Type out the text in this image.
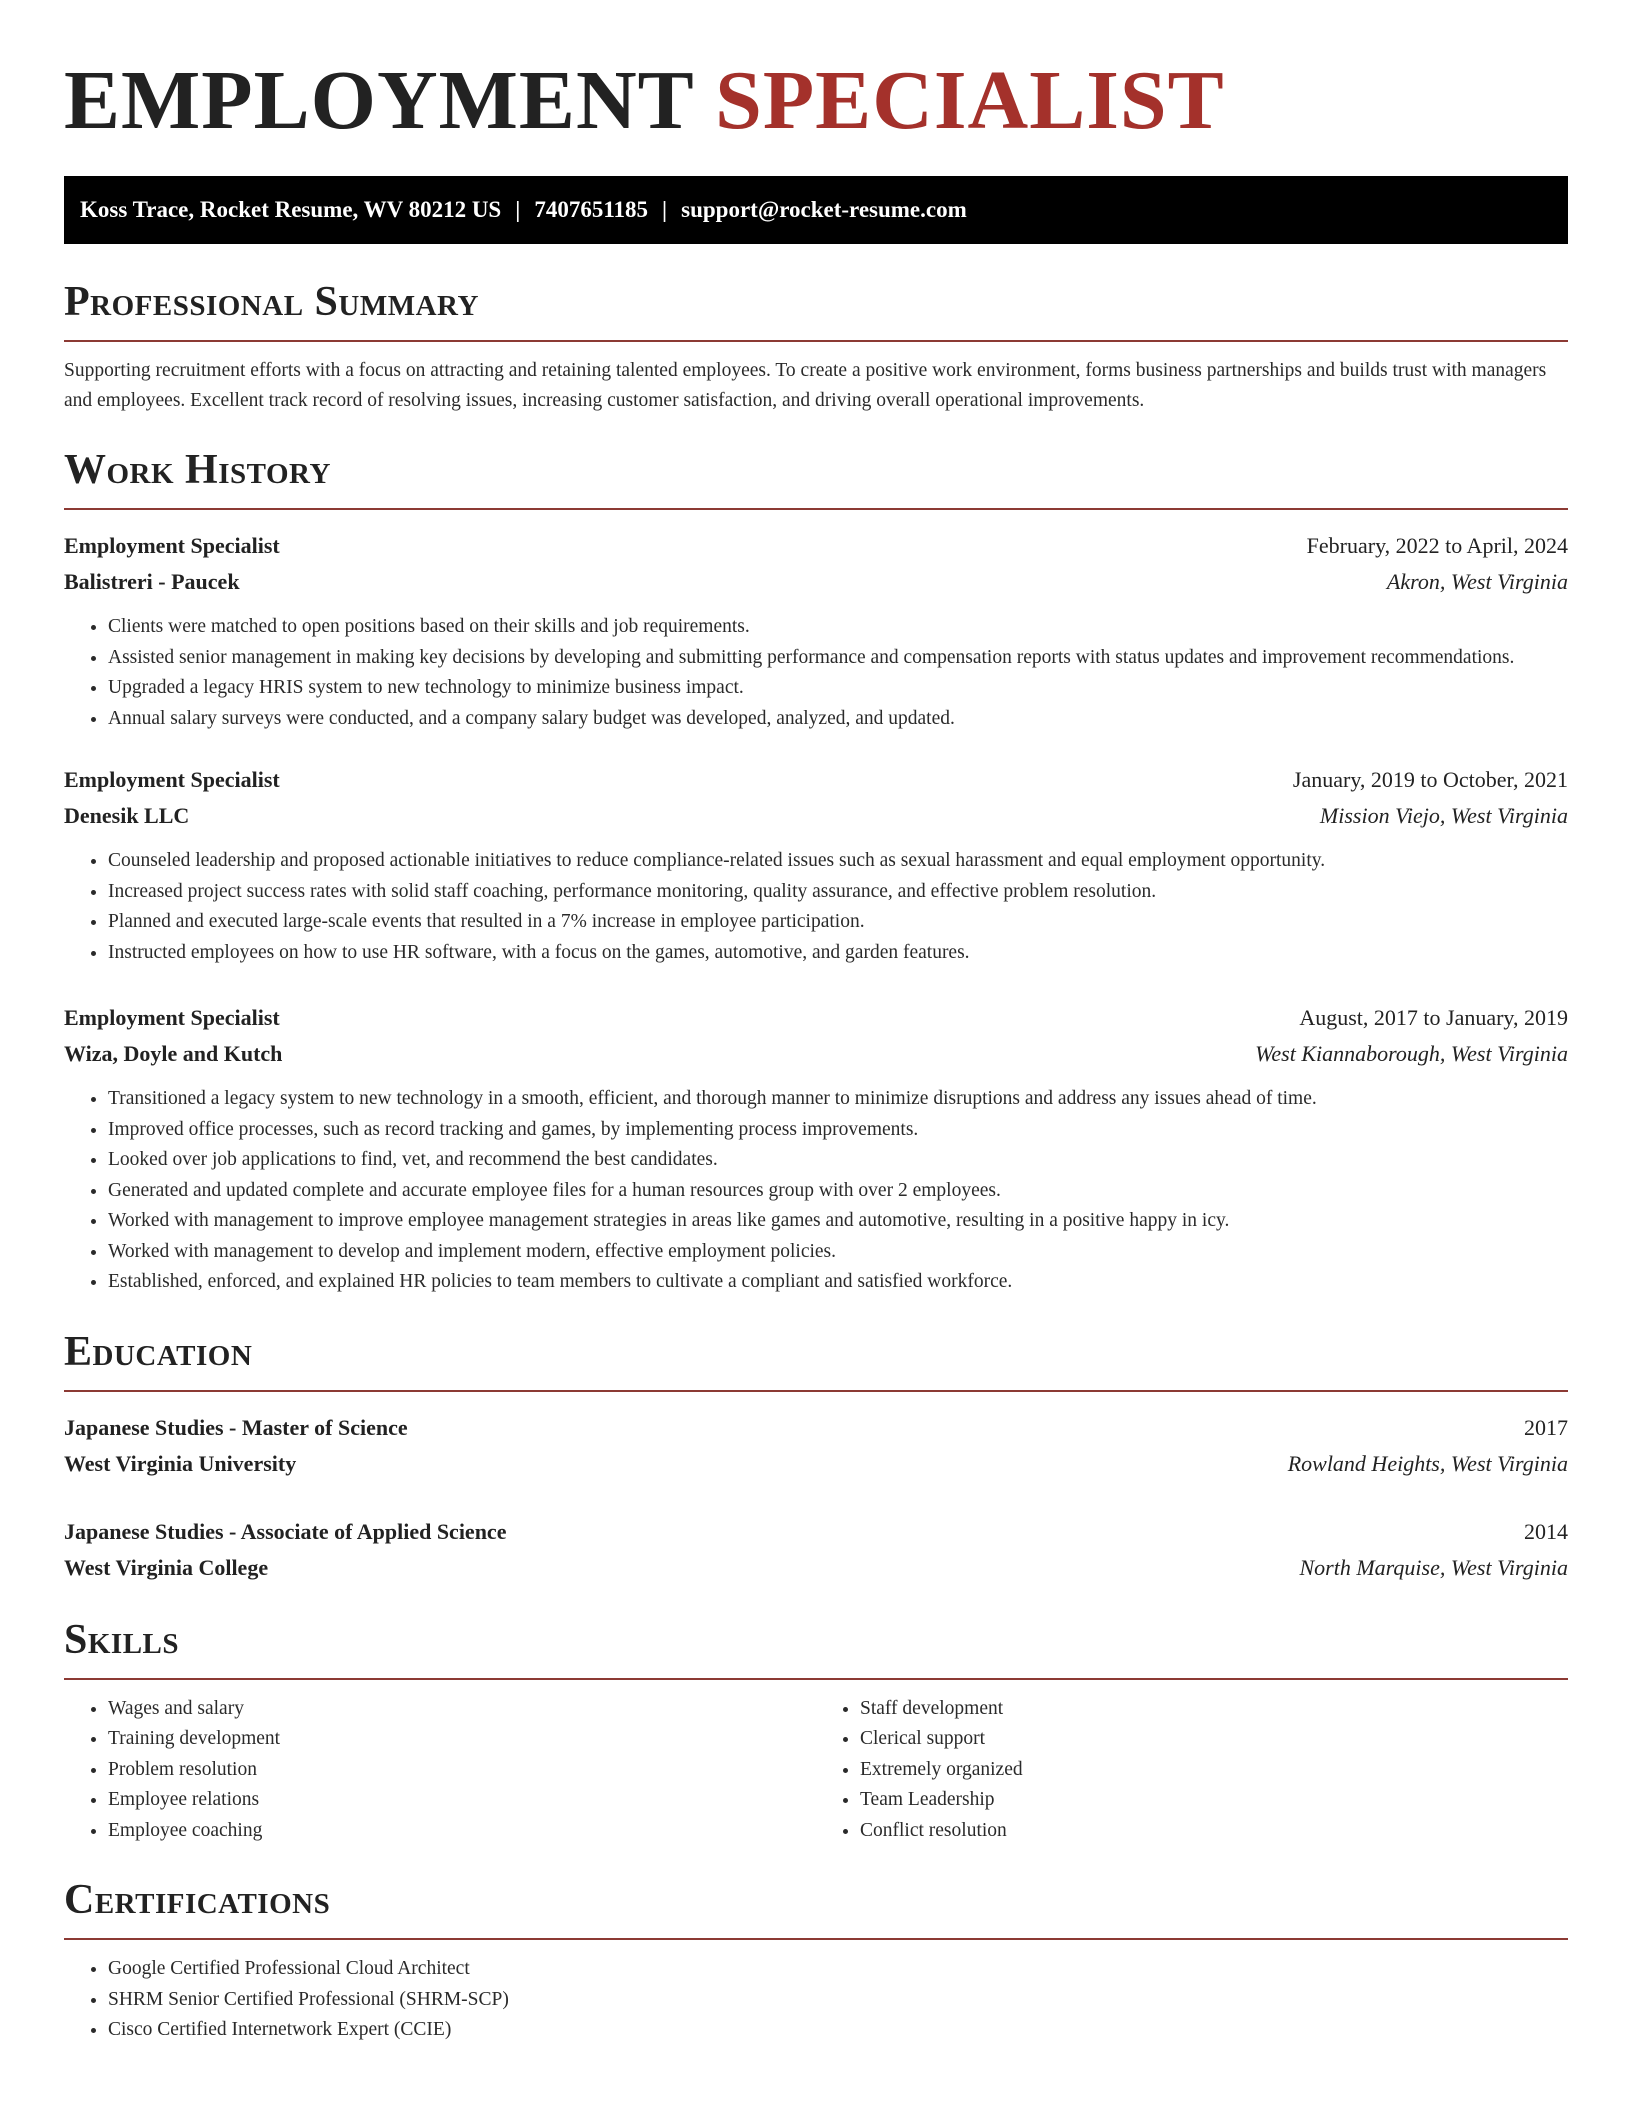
EMPLOYMENT SPECIALIST
Koss Trace, Rocket Resume, WV 80212 US | 7407651185 | support@rocket-resume.com
Professional Summary

Supporting recruitment efforts with a focus on attracting and retaining talented employees. To create a positive work environment, forms business partnerships and builds trust with managers and employees. Excellent track record of resolving issues, increasing customer satisfaction, and driving overall operational improvements.

Work History
Employment Specialist	February, 2022 to April, 2024
Balistreri - Paucek	Akron, West Virginia
• Clients were matched to open positions based on their skills and job requirements.
• Assisted senior management in making key decisions by developing and submitting performance and compensation reports with status updates and improvement recommendations.
• Upgraded a legacy HRIS system to new technology to minimize business impact.
• Annual salary surveys were conducted, and a company salary budget was developed, analyzed, and updated.
Employment Specialist	January, 2019 to October, 2021
Denesik LLC	Mission Viejo, West Virginia
• Counseled leadership and proposed actionable initiatives to reduce compliance-related issues such as sexual harassment and equal employment opportunity.
• Increased project success rates with solid staff coaching, performance monitoring, quality assurance, and effective problem resolution.
• Planned and executed large-scale events that resulted in a 7% increase in employee participation.
• Instructed employees on how to use HR software, with a focus on the games, automotive, and garden features.
Employment Specialist	August, 2017 to January, 2019
Wiza, Doyle and Kutch	West Kiannaborough, West Virginia
• Transitioned a legacy system to new technology in a smooth, efficient, and thorough manner to minimize disruptions and address any issues ahead of time.
• Improved office processes, such as record tracking and games, by implementing process improvements.
• Looked over job applications to find, vet, and recommend the best candidates.
• Generated and updated complete and accurate employee files for a human resources group with over 2 employees.
• Worked with management to improve employee management strategies in areas like games and automotive, resulting in a positive happy in icy.
• Worked with management to develop and implement modern, effective employment policies.
• Established, enforced, and explained HR policies to team members to cultivate a compliant and satisfied workforce.
Education
Japanese Studies - Master of Science	2017
West Virginia University	Rowland Heights, West Virginia
Japanese Studies - Associate of Applied Science	2014
West Virginia College	North Marquise, West Virginia
Skills
• Wages and salary
• Training development
• Problem resolution
• Employee relations
• Employee coaching
• Staff development
• Clerical support
• Extremely organized
• Team Leadership
• Conflict resolution
Certifications
• Google Certified Professional Cloud Architect
• SHRM Senior Certified Professional (SHRM-SCP)
• Cisco Certified Internetwork Expert (CCIE)
